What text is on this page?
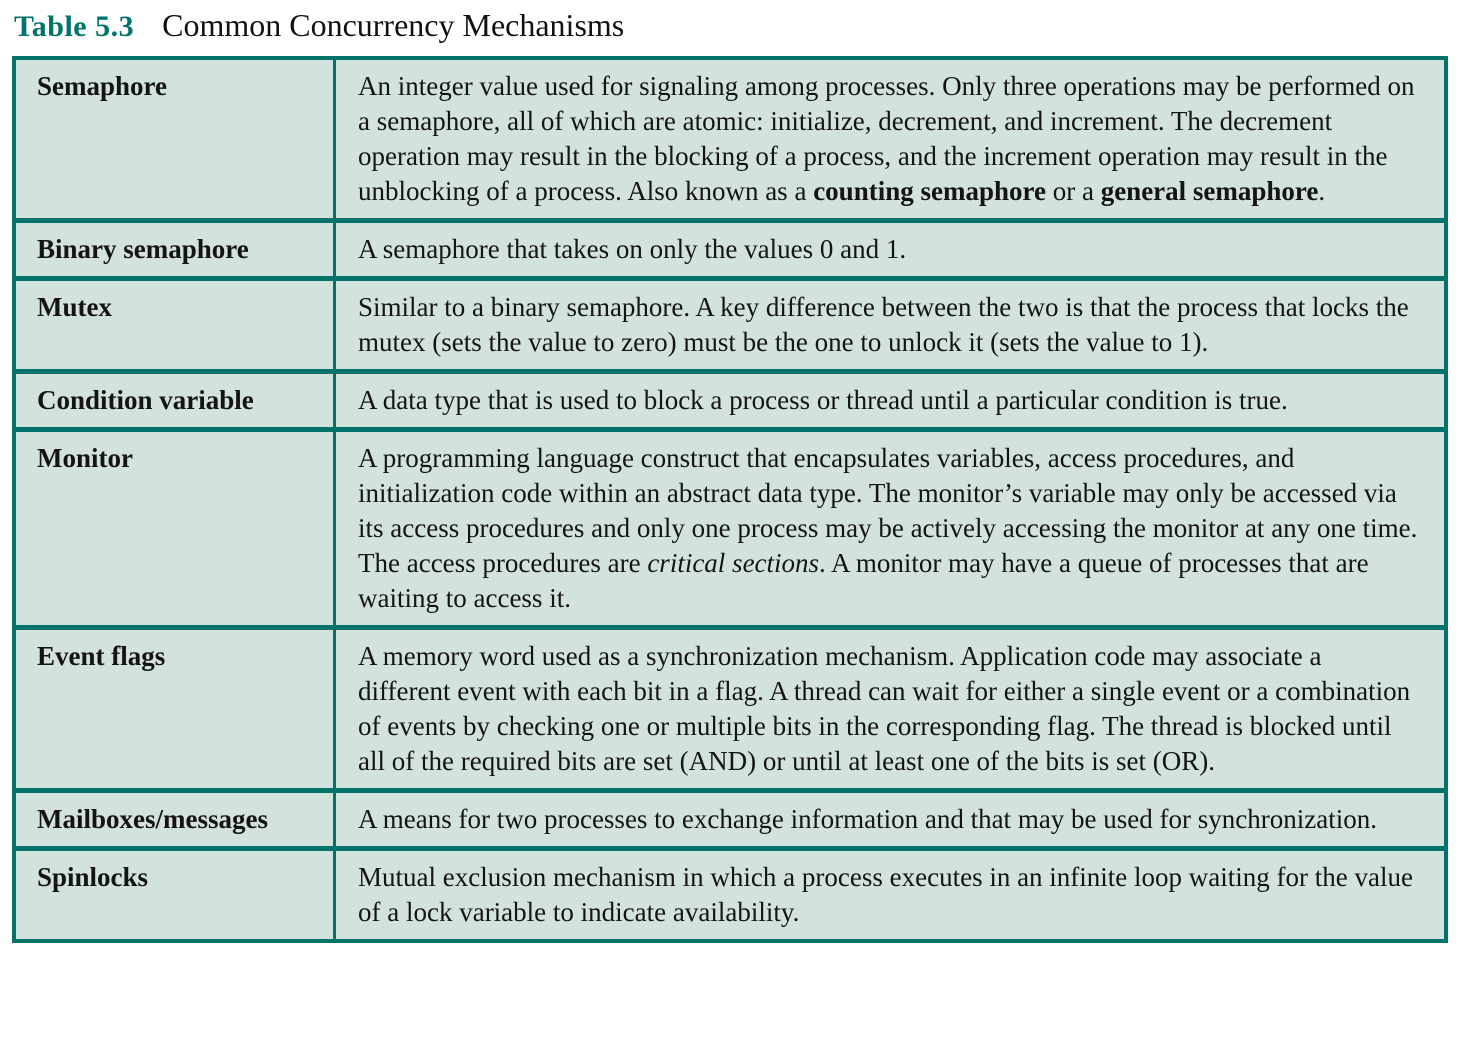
Table 5.3 Common Concurrency Mechanisms
Semaphore	An integer value used for signaling among processes. Only three operations may be performed on a semaphore, all of which are atomic: initialize, decrement, and increment. The decrement operation may result in the blocking of a process, and the increment operation may result in the unblocking of a process. Also known as a counting semaphore or a general semaphore.
Binary semaphore	A semaphore that takes on only the values 0 and 1.
Mutex	Similar to a binary semaphore. A key difference between the two is that the process that locks the mutex (sets the value to zero) must be the one to unlock it (sets the value to 1).
Condition variable	A data type that is used to block a process or thread until a particular condition is true.
Monitor	A programming language construct that encapsulates variables, access procedures, and initialization code within an abstract data type. The monitor’s variable may only be accessed via its access procedures and only one process may be actively accessing the monitor at any one time. The access procedures are critical sections. A monitor may have a queue of processes that are waiting to access it.
Event flags	A memory word used as a synchronization mechanism. Application code may associate a different event with each bit in a flag. A thread can wait for either a single event or a combination of events by checking one or multiple bits in the corresponding flag. The thread is blocked until all of the required bits are set (AND) or until at least one of the bits is set (OR).
Mailboxes/messages	A means for two processes to exchange information and that may be used for synchronization.
Spinlocks	Mutual exclusion mechanism in which a process executes in an infinite loop waiting for the value of a lock variable to indicate availability.
